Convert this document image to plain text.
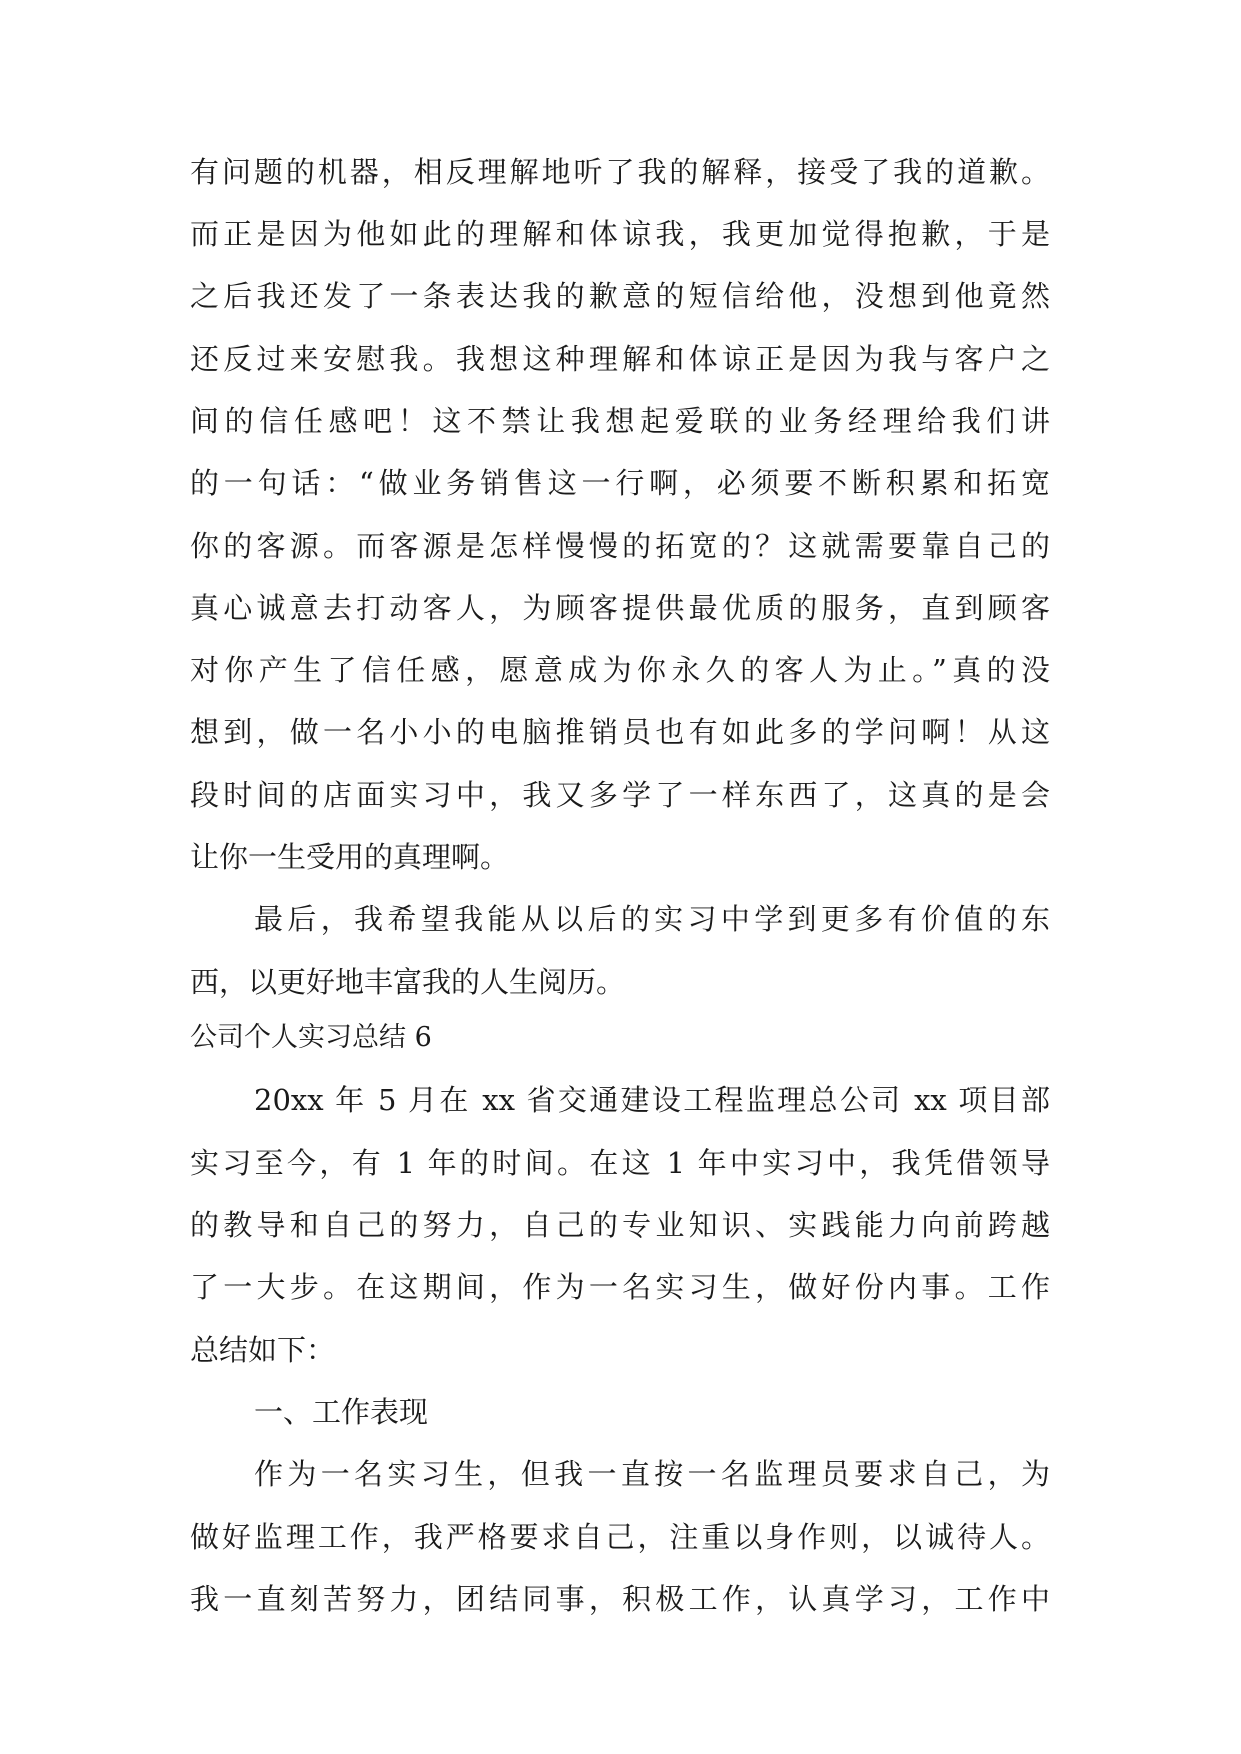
有问题的机器，相反理解地听了我的解释，接受了我的道歉。
而正是因为他如此的理解和体谅我，我更加觉得抱歉，于是
之后我还发了一条表达我的歉意的短信给他，没想到他竟然
还反过来安慰我。我想这种理解和体谅正是因为我与客户之
间的信任感吧！这不禁让我想起爱联的业务经理给我们讲
的一句话：“做业务销售这一行啊，必须要不断积累和拓宽
你的客源。而客源是怎样慢慢的拓宽的？这就需要靠自己的
真心诚意去打动客人，为顾客提供最优质的服务，直到顾客
对你产生了信任感，愿意成为你永久的客人为止。”真的没
想到，做一名小小的电脑推销员也有如此多的学问啊！从这
段时间的店面实习中，我又多学了一样东西了，这真的是会
让你一生受用的真理啊。
最后，我希望我能从以后的实习中学到更多有价值的东
西，以更好地丰富我的人生阅历。
公司个人实习总结 6
20xx 年 5 月在 xx 省交通建设工程监理总公司 xx 项目部
实习至今，有 1 年的时间。在这 1 年中实习中，我凭借领导
的教导和自己的努力，自己的专业知识、实践能力向前跨越
了一大步。在这期间，作为一名实习生，做好份内事。工作
总结如下：
一、工作表现
作为一名实习生，但我一直按一名监理员要求自己，为
做好监理工作，我严格要求自己，注重以身作则，以诚待人。
我一直刻苦努力，团结同事，积极工作，认真学习，工作中
